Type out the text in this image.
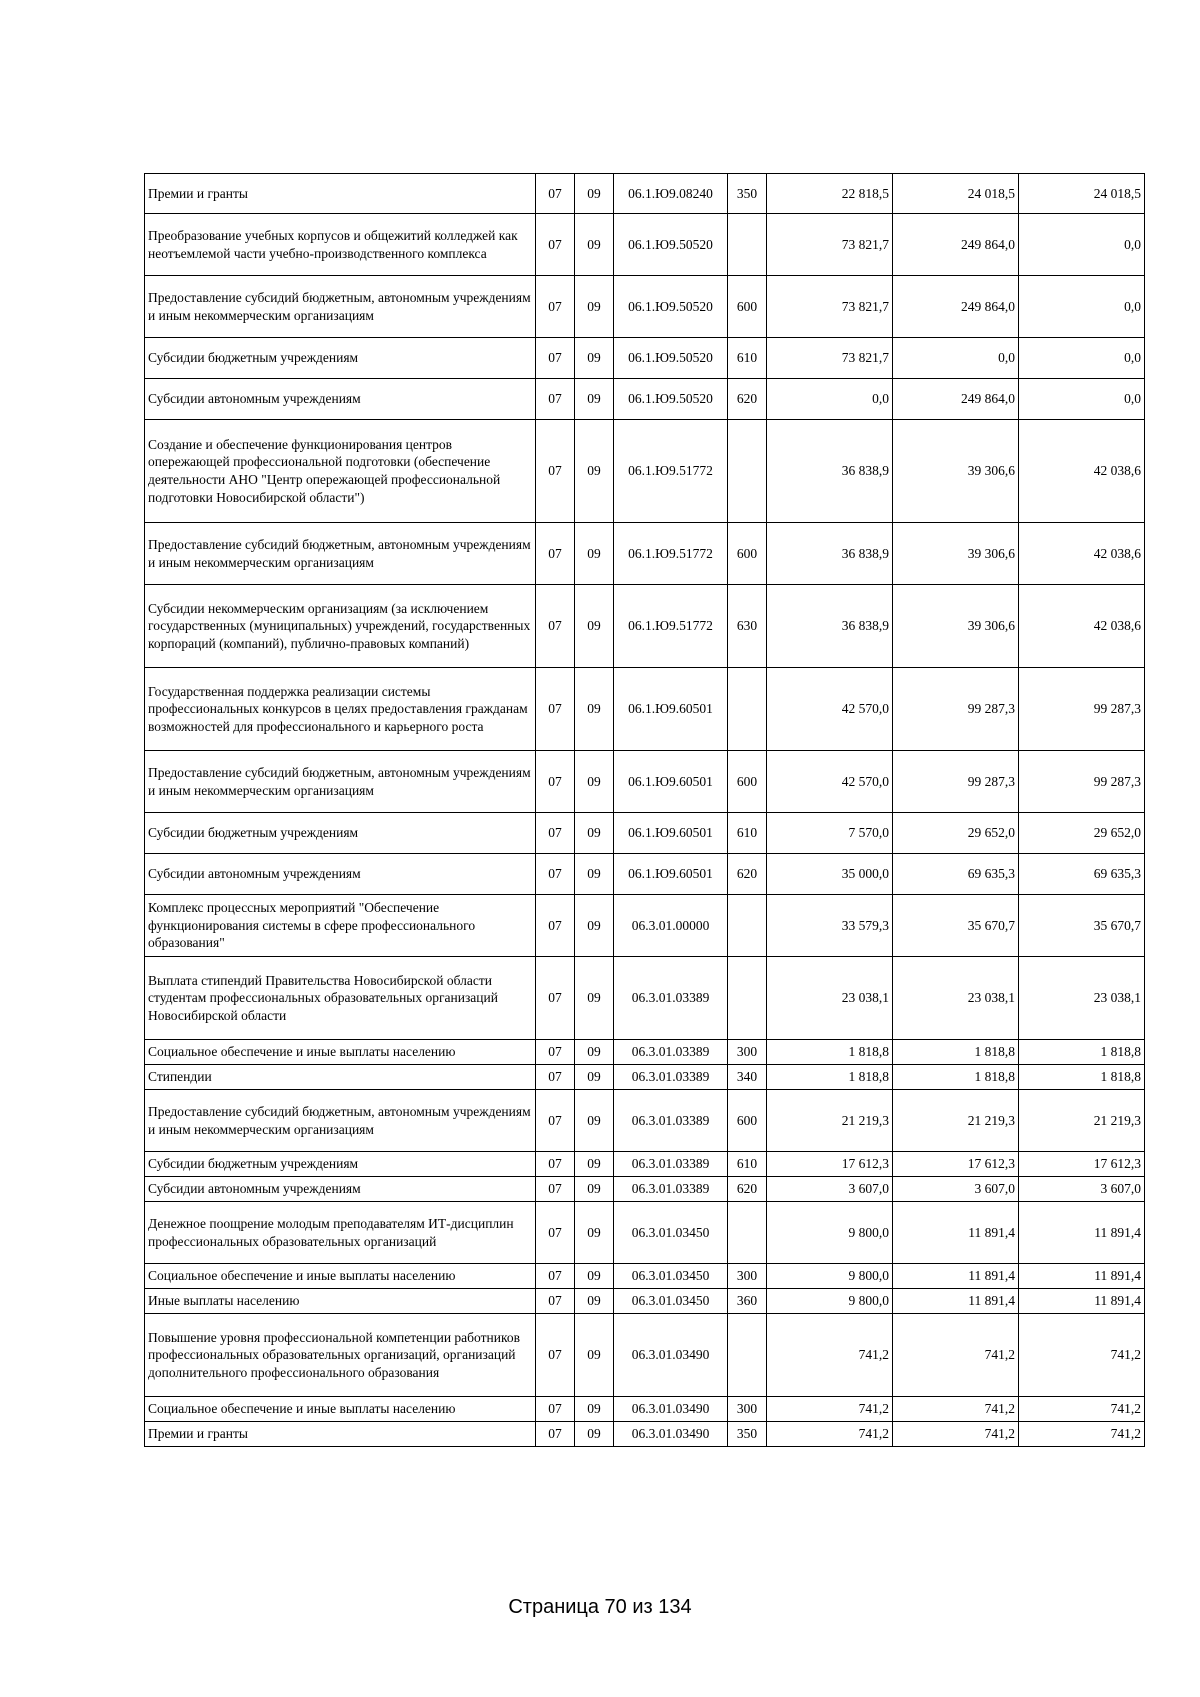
Премии и гранты	07	09	06.1.Ю9.08240	350	22 818,5	24 018,5	24 018,5
Преобразование учебных корпусов и общежитий колледжей как неотъемлемой части учебно-производственного комплекса	07	09	06.1.Ю9.50520		73 821,7	249 864,0	0,0
Предоставление субсидий бюджетным, автономным учреждениям и иным некоммерческим организациям	07	09	06.1.Ю9.50520	600	73 821,7	249 864,0	0,0
Субсидии бюджетным учреждениям	07	09	06.1.Ю9.50520	610	73 821,7	0,0	0,0
Субсидии автономным учреждениям	07	09	06.1.Ю9.50520	620	0,0	249 864,0	0,0
Создание и обеспечение функционирования центров опережающей профессиональной подготовки (обеспечение деятельности АНО "Центр опережающей профессиональной подготовки Новосибирской области")	07	09	06.1.Ю9.51772		36 838,9	39 306,6	42 038,6
Предоставление субсидий бюджетным, автономным учреждениям и иным некоммерческим организациям	07	09	06.1.Ю9.51772	600	36 838,9	39 306,6	42 038,6
Субсидии некоммерческим организациям (за исключением государственных (муниципальных) учреждений, государственных корпораций (компаний), публично-правовых компаний)	07	09	06.1.Ю9.51772	630	36 838,9	39 306,6	42 038,6
Государственная поддержка реализации системы профессиональных конкурсов в целях предоставления гражданам возможностей для профессионального и карьерного роста	07	09	06.1.Ю9.60501		42 570,0	99 287,3	99 287,3
Предоставление субсидий бюджетным, автономным учреждениям и иным некоммерческим организациям	07	09	06.1.Ю9.60501	600	42 570,0	99 287,3	99 287,3
Субсидии бюджетным учреждениям	07	09	06.1.Ю9.60501	610	7 570,0	29 652,0	29 652,0
Субсидии автономным учреждениям	07	09	06.1.Ю9.60501	620	35 000,0	69 635,3	69 635,3
Комплекс процессных мероприятий "Обеспечение функционирования системы в сфере профессионального образования"	07	09	06.3.01.00000		33 579,3	35 670,7	35 670,7
Выплата стипендий Правительства Новосибирской области студентам профессиональных образовательных организаций Новосибирской области	07	09	06.3.01.03389		23 038,1	23 038,1	23 038,1
Социальное обеспечение и иные выплаты населению	07	09	06.3.01.03389	300	1 818,8	1 818,8	1 818,8
Стипендии	07	09	06.3.01.03389	340	1 818,8	1 818,8	1 818,8
Предоставление субсидий бюджетным, автономным учреждениям и иным некоммерческим организациям	07	09	06.3.01.03389	600	21 219,3	21 219,3	21 219,3
Субсидии бюджетным учреждениям	07	09	06.3.01.03389	610	17 612,3	17 612,3	17 612,3
Субсидии автономным учреждениям	07	09	06.3.01.03389	620	3 607,0	3 607,0	3 607,0
Денежное поощрение молодым преподавателям ИТ-дисциплин профессиональных образовательных организаций	07	09	06.3.01.03450		9 800,0	11 891,4	11 891,4
Социальное обеспечение и иные выплаты населению	07	09	06.3.01.03450	300	9 800,0	11 891,4	11 891,4
Иные выплаты населению	07	09	06.3.01.03450	360	9 800,0	11 891,4	11 891,4
Повышение уровня профессиональной компетенции работников профессиональных образовательных организаций, организаций дополнительного профессионального образования	07	09	06.3.01.03490		741,2	741,2	741,2
Социальное обеспечение и иные выплаты населению	07	09	06.3.01.03490	300	741,2	741,2	741,2
Премии и гранты	07	09	06.3.01.03490	350	741,2	741,2	741,2
Страница 70 из 134
